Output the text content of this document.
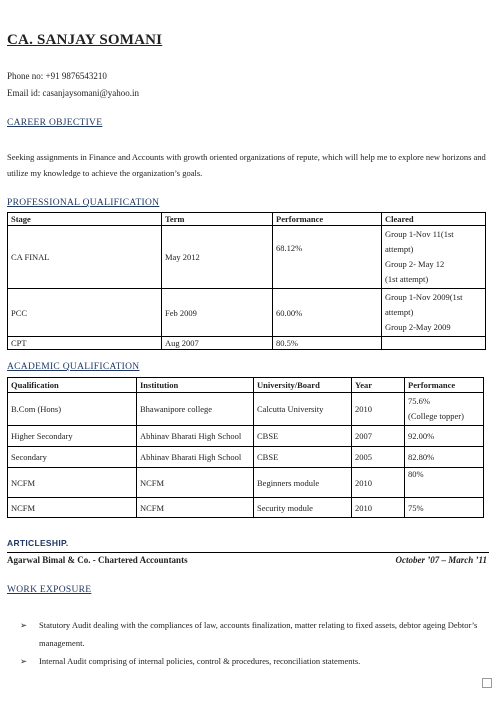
CA. SANJAY SOMANI
Phone no: +91 9876543210
Email id: casanjaysomani@yahoo.in
CAREER OBJECTIVE
Seeking assignments in Finance and Accounts with growth oriented organizations of repute, which will help me to explore new horizons and utilize my knowledge to achieve the organization’s goals.
PROFESSIONAL QUALIFICATION
Stage	Term	Performance	Cleared
CA FINAL	May 2012	68.12%	Group 1-Nov 11(1st attempt)
Group 2- May 12
(1st attempt)

PCC	Feb 2009	60.00%	Group 1-Nov 2009(1st attempt)
Group 2-May 2009

CPT	Aug 2007	80.5%	
ACADEMIC QUALIFICATION
Qualification	Institution	University/Board	Year	Performance
B.Com (Hons)	Bhawanipore college	Calcutta University	2010	75.6%
(College topper)

Higher Secondary	Abhinav Bharati High School	CBSE	2007	92.00%
Secondary	Abhinav Bharati High School	CBSE	2005	82.80%
NCFM	NCFM	Beginners module	2010	80%
NCFM	NCFM	Security module	2010	75%
ARTICLESHIP.
Agarwal Bimal & Co. - Chartered Accountants	October ’07 – March ’11
WORK EXPOSURE
➢ Statutory Audit dealing with the compliances of law, accounts finalization, matter relating to fixed assets, debtor ageing Debtor’s management.
➢ Internal Audit comprising of internal policies, control & procedures, reconciliation statements.
